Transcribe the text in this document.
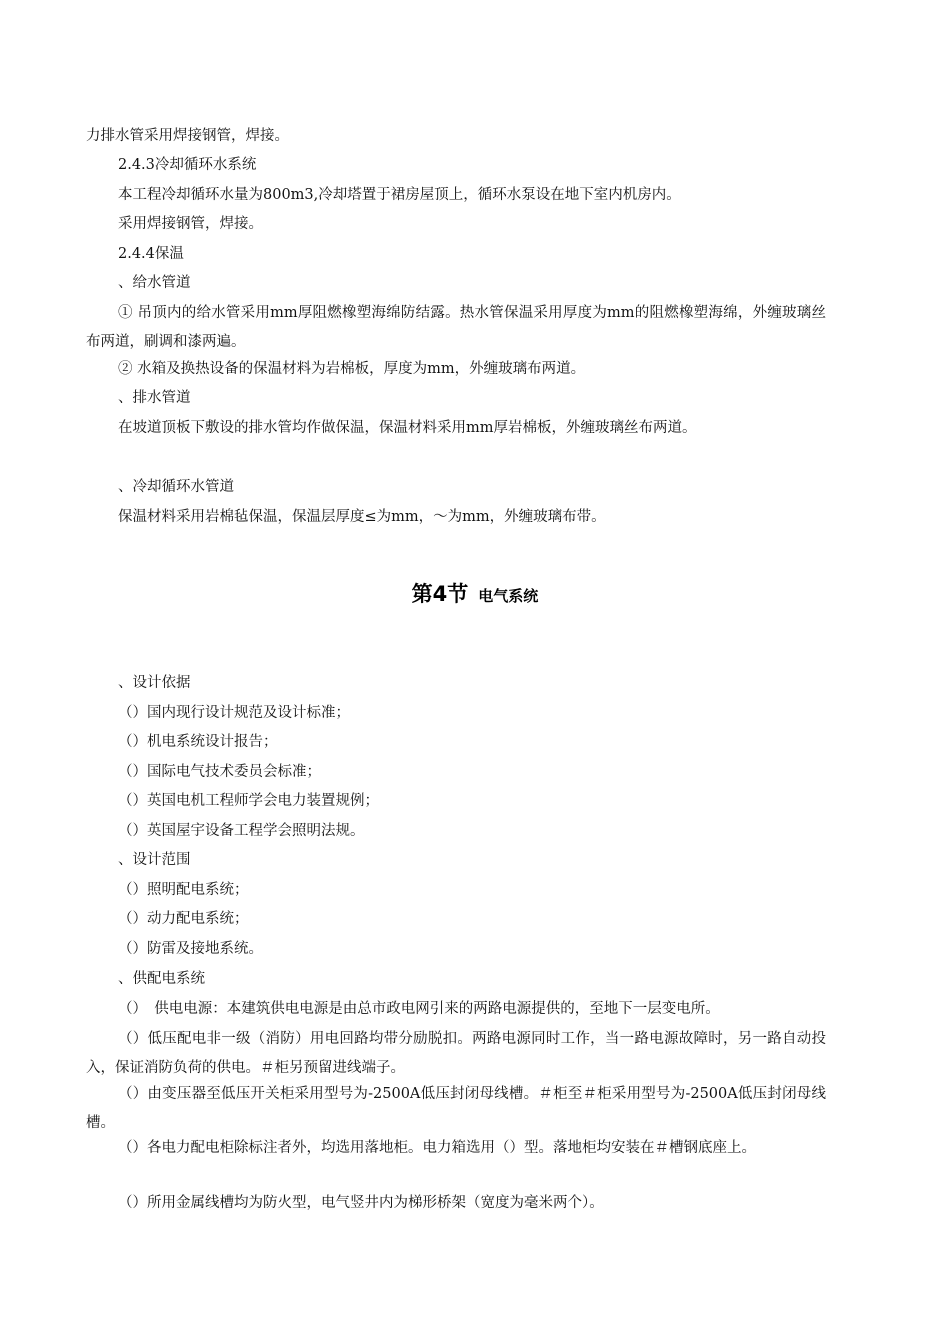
力排水管采用焊接钢管，焊接。

2.4.3冷却循环水系统

本工程冷却循环水量为800m3,冷却塔置于裙房屋顶上，循环水泵设在地下室内机房内。

采用焊接钢管，焊接。

2.4.4保温

、给水管道

① 吊顶内的给水管采用mm厚阻燃橡塑海绵防结露。热水管保温采用厚度为mm的阻燃橡塑海绵，外缠玻璃丝布两道，刷调和漆两遍。

② 水箱及换热设备的保温材料为岩棉板，厚度为mm，外缠玻璃布两道。

、排水管道

在坡道顶板下敷设的排水管均作做保温，保温材料采用mm厚岩棉板，外缠玻璃丝布两道。

、冷却循环水管道

保温材料采用岩棉毡保温，保温层厚度≤为mm，～为mm，外缠玻璃布带。

第4节 电气系统

、设计依据

（）国内现行设计规范及设计标准；

（）机电系统设计报告；

（）国际电气技术委员会标准；

（）英国电机工程师学会电力装置规例；

（）英国屋宇设备工程学会照明法规。

、设计范围

（）照明配电系统；

（）动力配电系统；

（）防雷及接地系统。

、供配电系统

（）　供电电源：本建筑供电电源是由总市政电网引来的两路电源提供的，至地下一层变电所。

（）低压配电非一级（消防）用电回路均带分励脱扣。两路电源同时工作，当一路电源故障时，另一路自动投入，保证消防负荷的供电。＃柜另预留进线端子。

（）由变压器至低压开关柜采用型号为-2500A低压封闭母线槽。＃柜至＃柜采用型号为-2500A低压封闭母线槽。

（）各电力配电柜除标注者外，均选用落地柜。电力箱选用（）型。落地柜均安装在＃槽钢底座上。

（）所用金属线槽均为防火型，电气竖井内为梯形桥架（宽度为毫米两个）。
